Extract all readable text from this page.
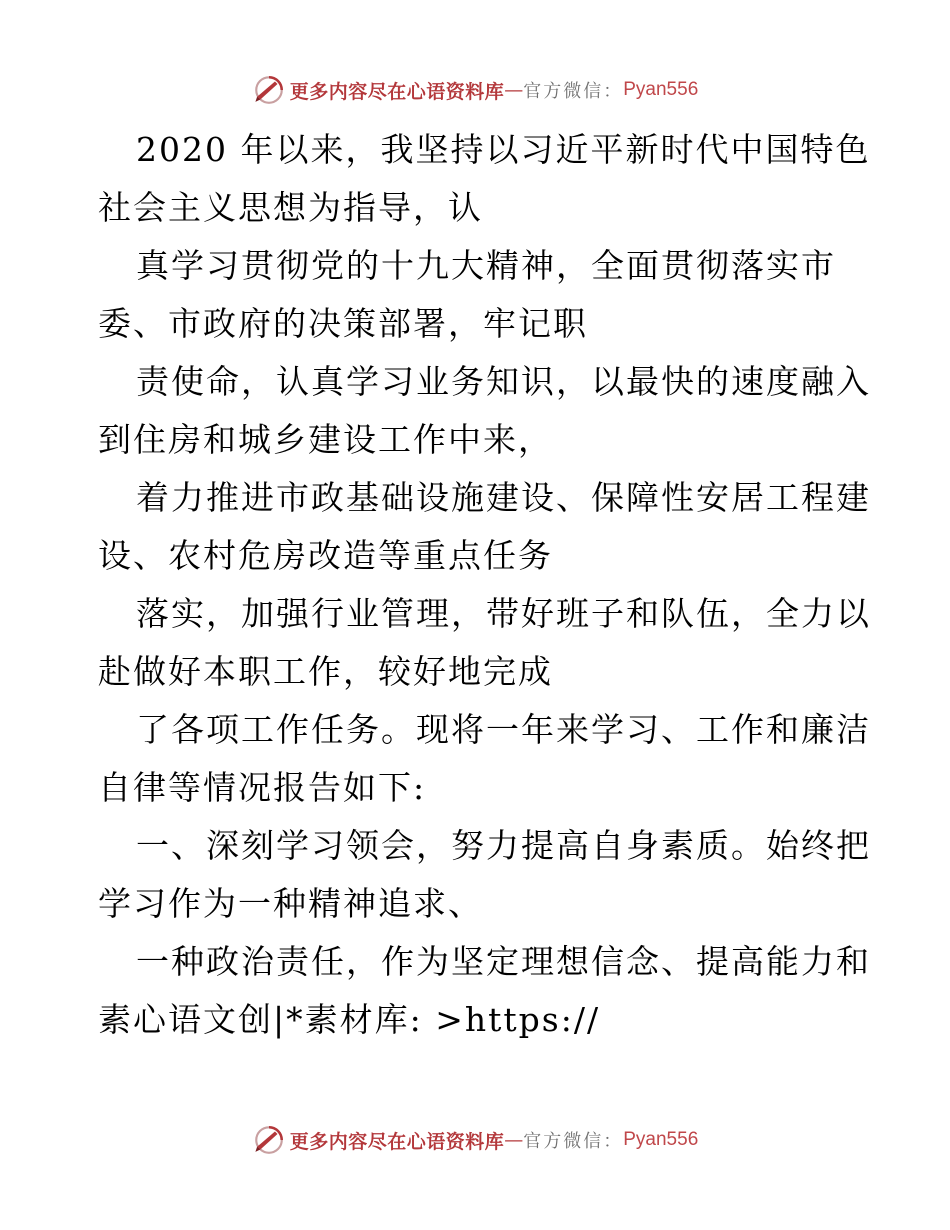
更多内容尽在心语资料库 — 官方微信： Pyan556
2020 年以来，我坚持以习近平新时代中国特色
社会主义思想为指导，认
真学习贯彻党的十九大精神，全面贯彻落实市
委、市政府的决策部署，牢记职
责使命，认真学习业务知识，以最快的速度融入
到住房和城乡建设工作中来，
着力推进市政基础设施建设、保障性安居工程建
设、农村危房改造等重点任务
落实，加强行业管理，带好班子和队伍，全力以
赴做好本职工作，较好地完成
了各项工作任务。现将一年来学习、工作和廉洁
自律等情况报告如下:
一、深刻学习领会，努力提高自身素质。始终把
学习作为一种精神追求、
一种政治责任，作为坚定理想信念、提高能力和
素心语文创|*素材库: >https://
更多内容尽在心语资料库 — 官方微信： Pyan556
